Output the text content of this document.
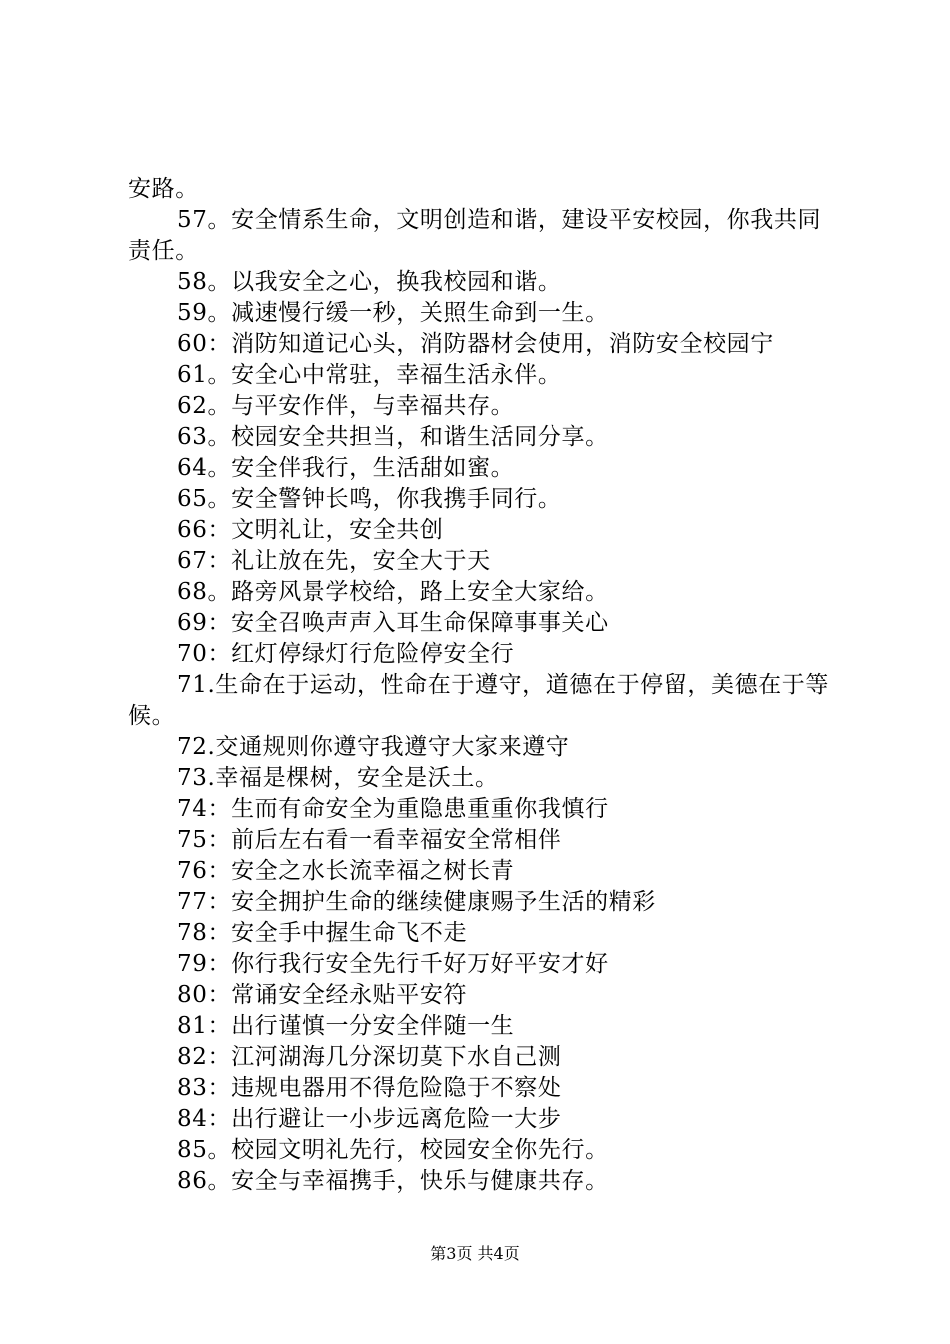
安路。

57。安全情系生命，文明创造和谐，建设平安校园，你我共同责任。

58。以我安全之心，换我校园和谐。

59。减速慢行缓一秒，关照生命到一生。

60：消防知道记心头，消防器材会使用，消防安全校园宁

61。安全心中常驻，幸福生活永伴。

62。与平安作伴，与幸福共存。

63。校园安全共担当，和谐生活同分享。

64。安全伴我行，生活甜如蜜。

65。安全警钟长鸣，你我携手同行。

66：文明礼让，安全共创

67：礼让放在先，安全大于天

68。路旁风景学校给，路上安全大家给。

69：安全召唤声声入耳生命保障事事关心

70：红灯停绿灯行危险停安全行

71.生命在于运动，性命在于遵守，道德在于停留，美德在于等候。

72.交通规则你遵守我遵守大家来遵守

73.幸福是棵树，安全是沃土。

74：生而有命安全为重隐患重重你我慎行

75：前后左右看一看幸福安全常相伴

76：安全之水长流幸福之树长青

77：安全拥护生命的继续健康赐予生活的精彩

78：安全手中握生命飞不走

79：你行我行安全先行千好万好平安才好

80：常诵安全经永贴平安符

81：出行谨慎一分安全伴随一生

82：江河湖海几分深切莫下水自己测

83：违规电器用不得危险隐于不察处

84：出行避让一小步远离危险一大步

85。校园文明礼先行，校园安全你先行。

86。安全与幸福携手，快乐与健康共存。

第3页 共4页
